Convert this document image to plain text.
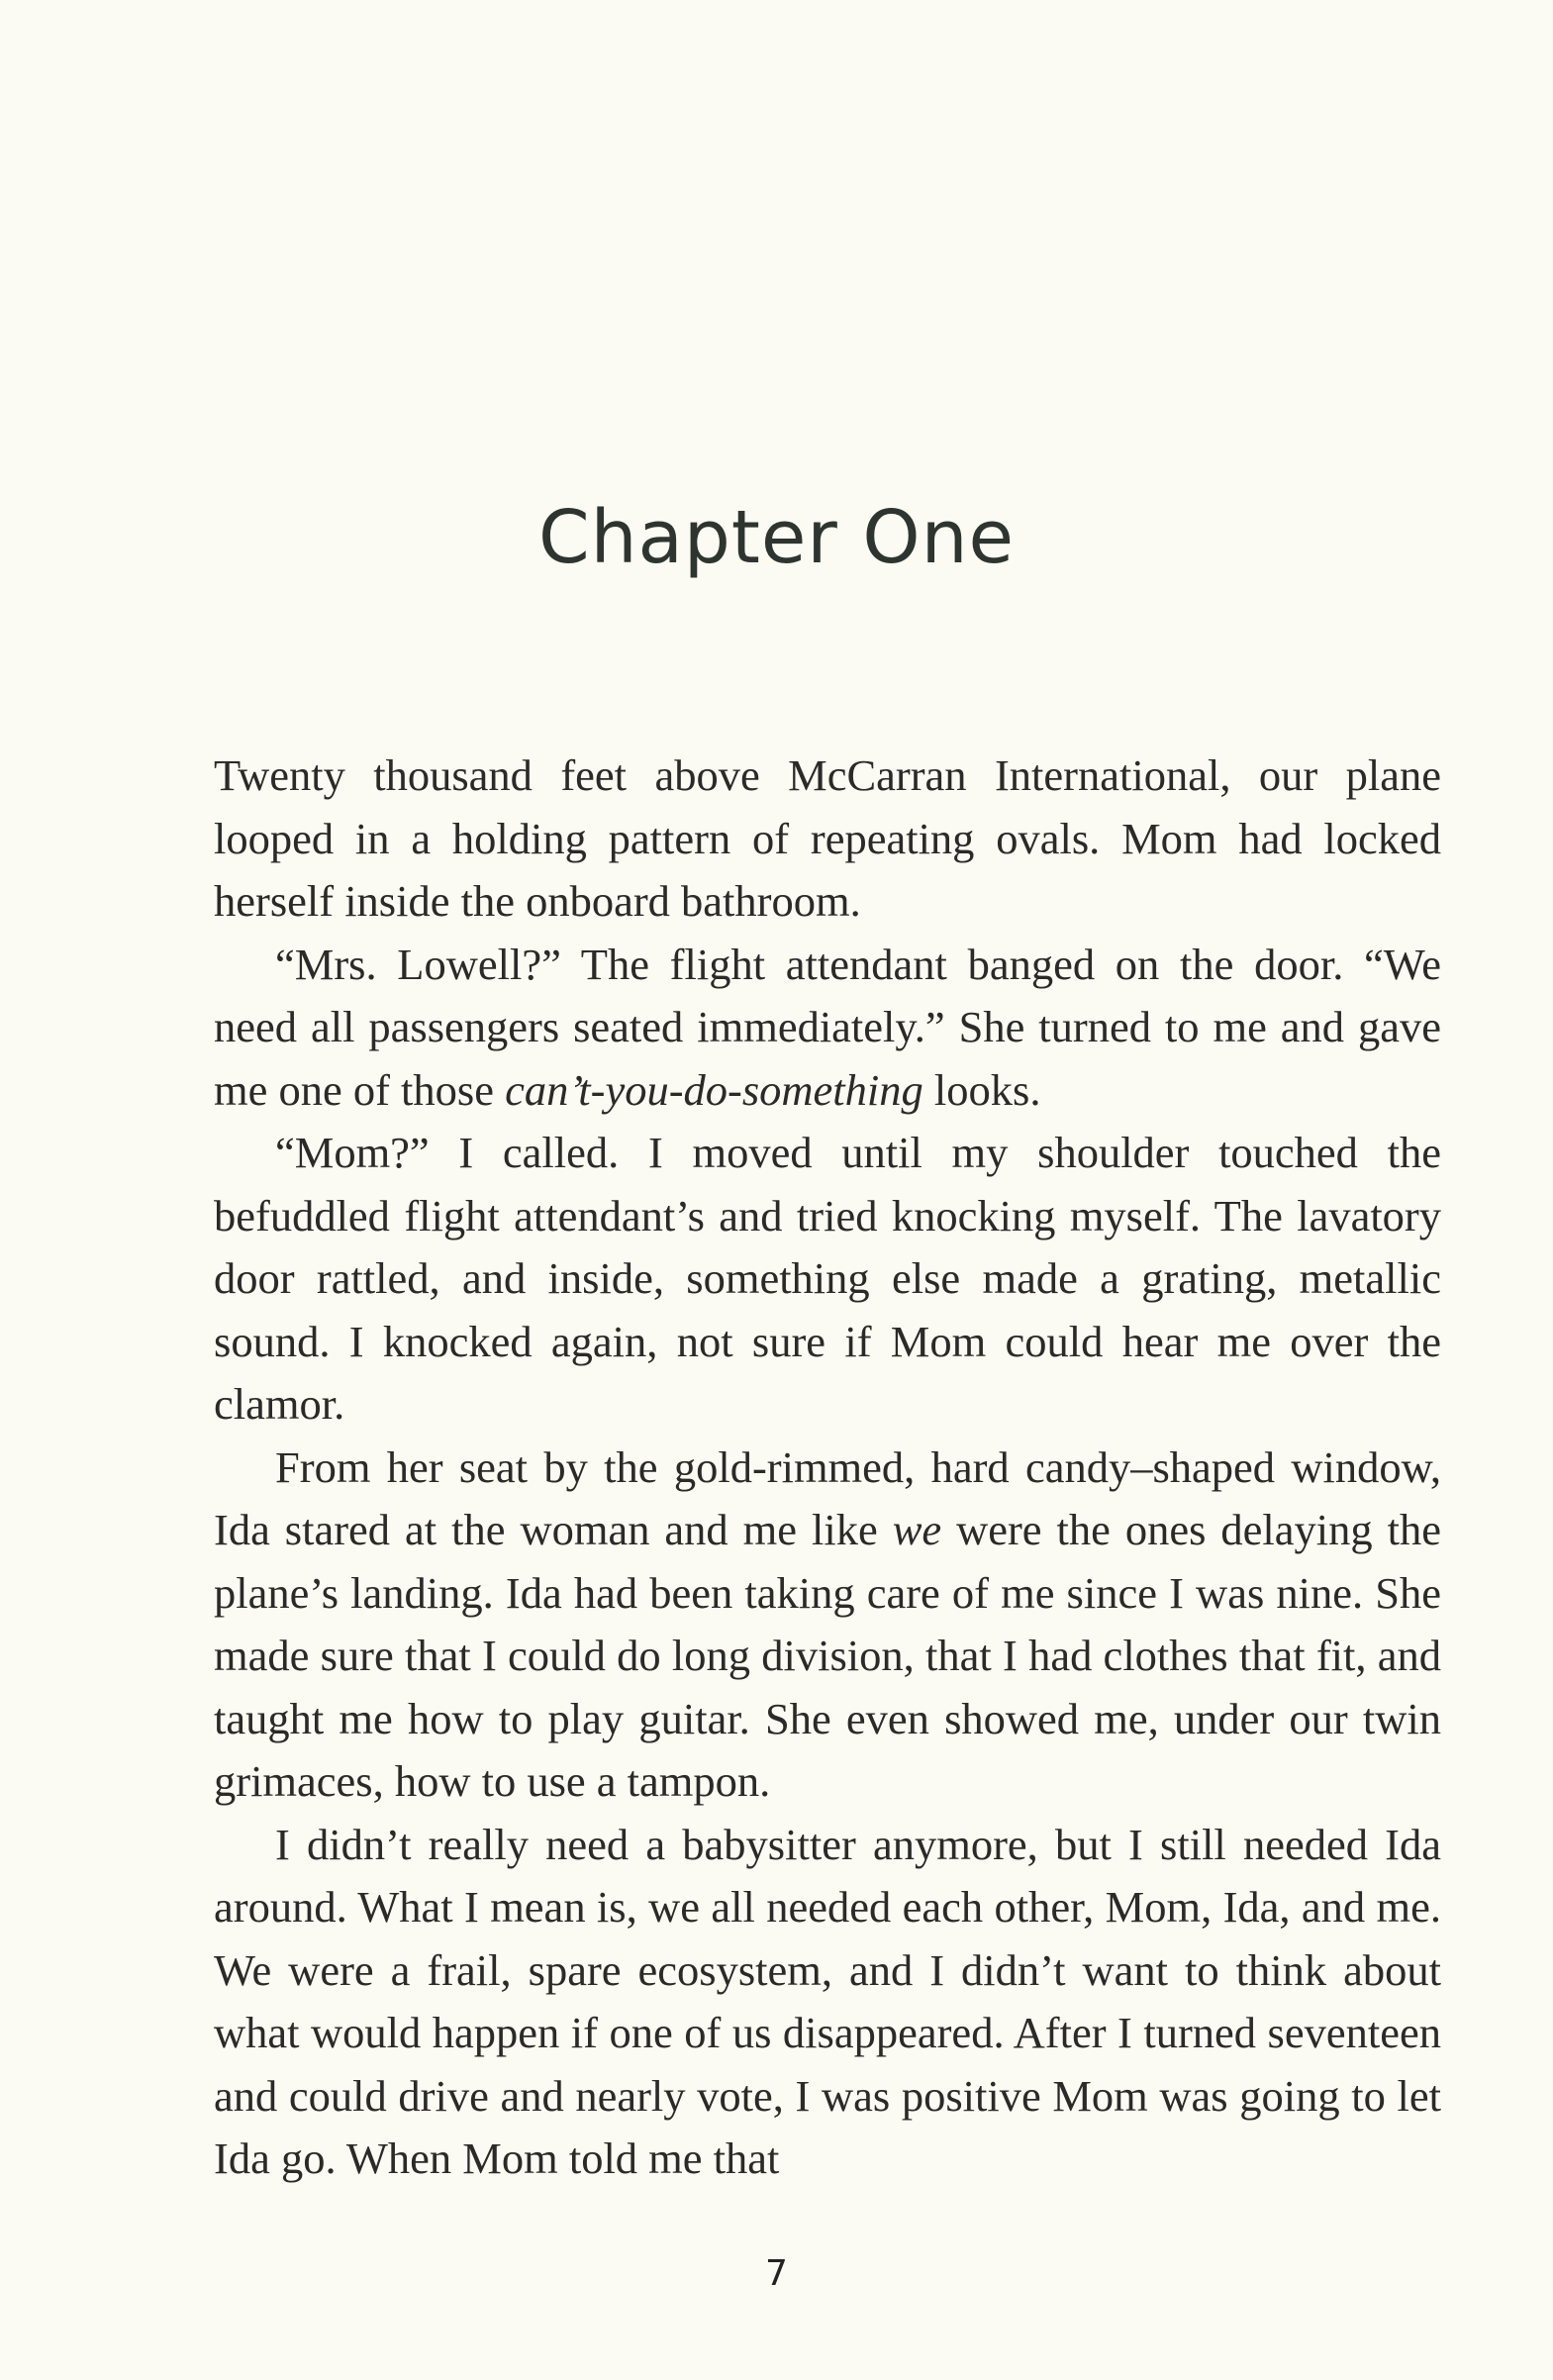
Chapter One

Twenty thousand feet above McCarran International, our plane looped in a holding pattern of repeating ovals. Mom had locked herself inside the onboard bathroom.

“Mrs. Lowell?” The flight attendant banged on the door. “We need all passengers seated immediately.” She turned to me and gave me one of those can’t-you-do-something looks.

“Mom?” I called. I moved until my shoulder touched the befuddled flight attendant’s and tried knocking myself. The lavatory door rattled, and inside, something else made a grating, metallic sound. I knocked again, not sure if Mom could hear me over the clamor.

From her seat by the gold-rimmed, hard candy–shaped window, Ida stared at the woman and me like we were the ones delaying the plane’s landing. Ida had been taking care of me since I was nine. She made sure that I could do long division, that I had clothes that fit, and taught me how to play guitar. She even showed me, under our twin grimaces, how to use a tampon.

I didn’t really need a babysitter anymore, but I still needed Ida around. What I mean is, we all needed each other, Mom, Ida, and me. We were a frail, spare ecosystem, and I didn’t want to think about what would happen if one of us disappeared. After I turned seventeen and could drive and nearly vote, I was positive Mom was going to let Ida go. When Mom told me that

7
